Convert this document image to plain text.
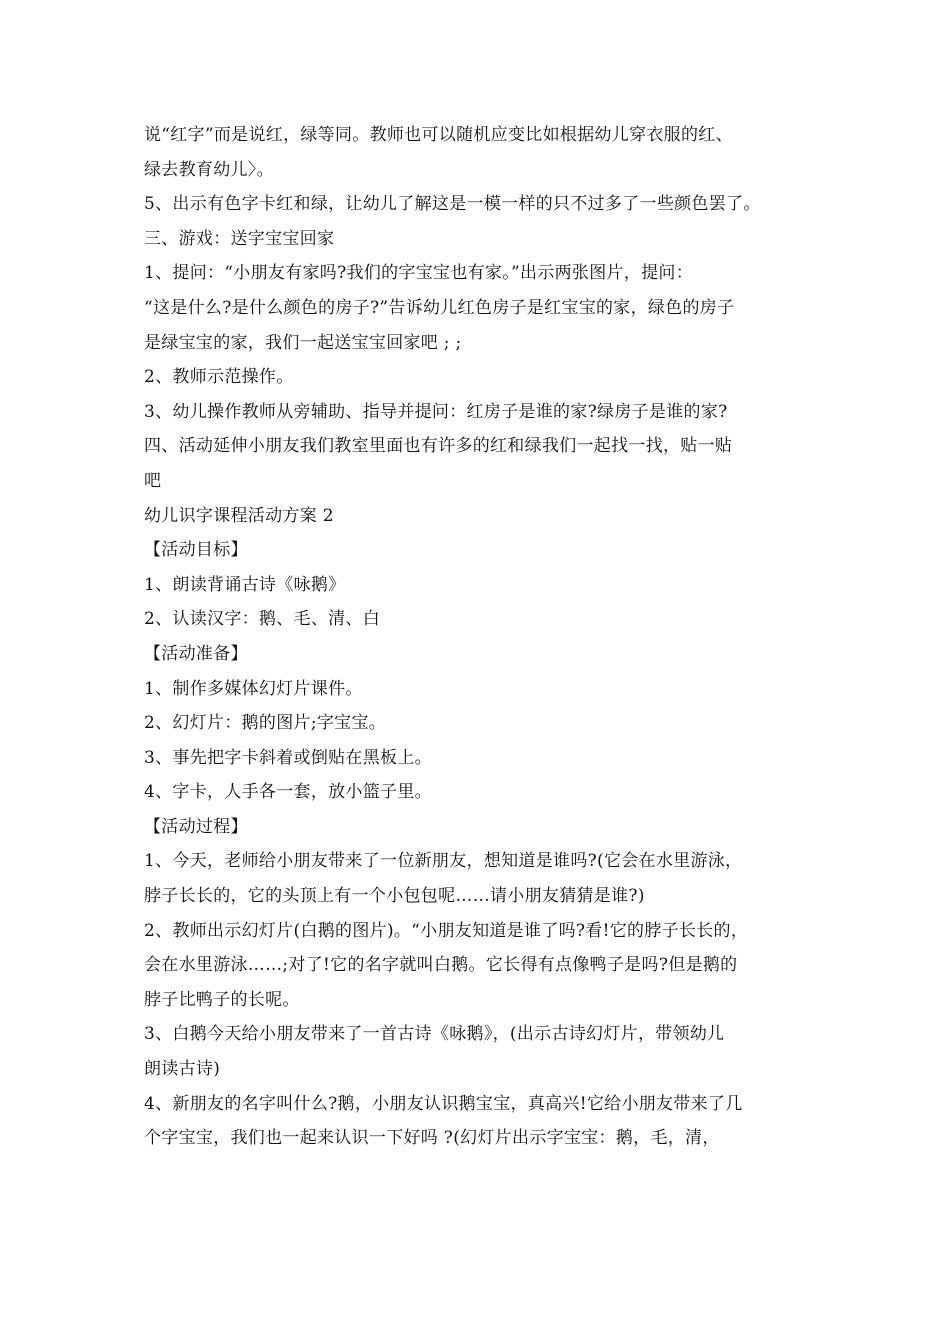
说“红字”而是说红，绿等同。教师也可以随机应变比如根据幼儿穿衣服的红、
绿去教育幼儿〉。
5、出示有色字卡红和绿，让幼儿了解这是一模一样的只不过多了一些颜色罢了。
三、游戏：送字宝宝回家
1、提问：“小朋友有家吗?我们的字宝宝也有家。”出示两张图片，提问：
“这是什么?是什么颜色的房子?”告诉幼儿红色房子是红宝宝的家，绿色的房子
是绿宝宝的家，我们一起送宝宝回家吧 ; ;
2、教师示范操作。
3、幼儿操作教师从旁辅助、指导并提问：红房子是谁的家?绿房子是谁的家?
四、活动延伸小朋友我们教室里面也有许多的红和绿我们一起找一找，贴一贴
吧
幼儿识字课程活动方案 2
【活动目标】
1、朗读背诵古诗《咏鹅》
2、认读汉字：鹅、毛、清、白
【活动准备】
1、制作多媒体幻灯片课件。
2、幻灯片：鹅的图片;字宝宝。
3、事先把字卡斜着或倒贴在黑板上。
4、字卡，人手各一套，放小篮子里。
【活动过程】
1、今天，老师给小朋友带来了一位新朋友，想知道是谁吗?(它会在水里游泳，
脖子长长的，它的头顶上有一个小包包呢……请小朋友猜猜是谁?)
2、教师出示幻灯片(白鹅的图片)。“小朋友知道是谁了吗?看!它的脖子长长的，
会在水里游泳……;对了!它的名字就叫白鹅。它长得有点像鸭子是吗?但是鹅的
脖子比鸭子的长呢。
3、白鹅今天给小朋友带来了一首古诗《咏鹅》，(出示古诗幻灯片，带领幼儿
朗读古诗)
4、新朋友的名字叫什么?鹅，小朋友认识鹅宝宝，真高兴!它给小朋友带来了几
个字宝宝，我们也一起来认识一下好吗 ?(幻灯片出示字宝宝：鹅，毛，清，
